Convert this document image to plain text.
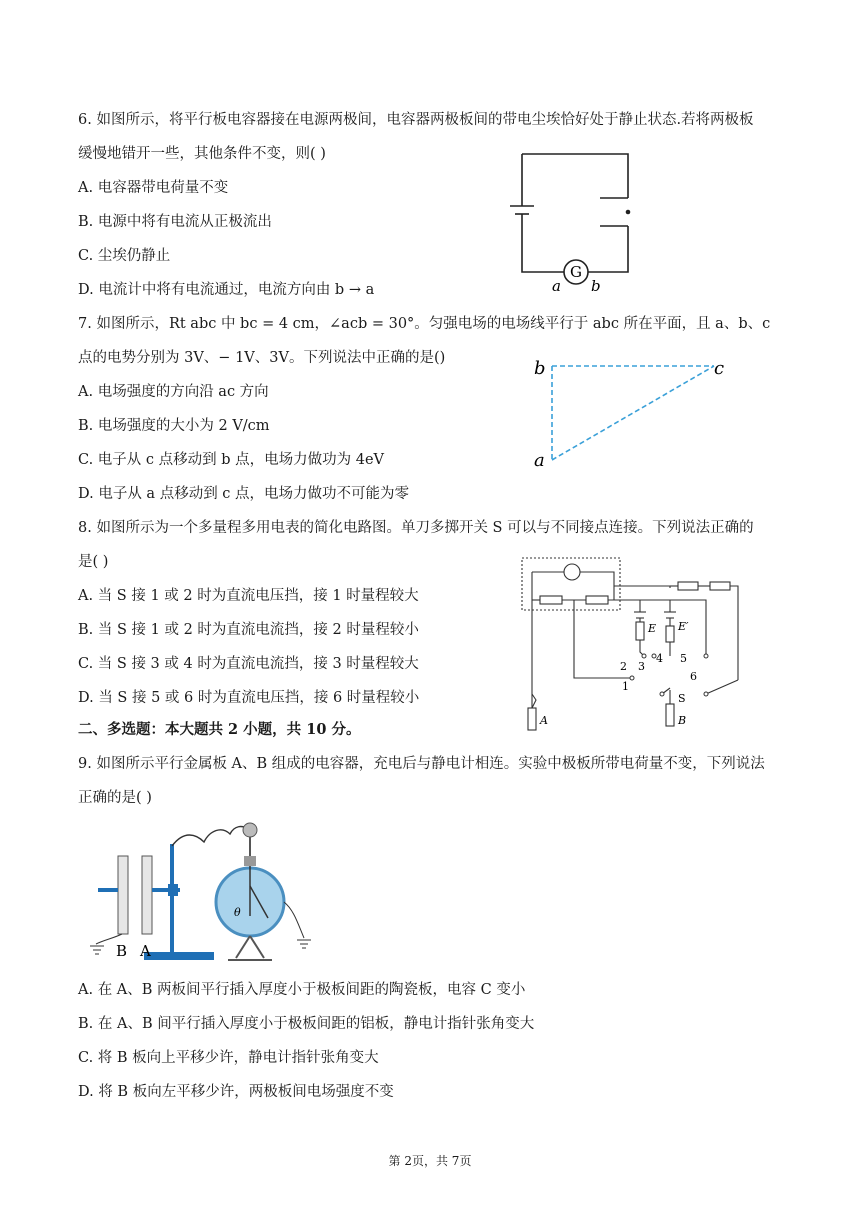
6. 如图所示，将平行板电容器接在电源两极间，电容器两极板间的带电尘埃恰好处于静止状态.若将两极板
缓慢地错开一些，其他条件不变，则( )
A. 电容器带电荷量不变
B. 电源中将有电流从正极流出
C. 尘埃仍静止
D. 电流计中将有电流通过，电流方向由 b → a
G
a b
7. 如图所示，Rt abc 中 bc = 4 cm，∠acb = 30°。匀强电场的电场线平行于 abc 所在平面，且 a、b、c
点的电势分别为 3V、− 1V、3V。下列说法中正确的是()
A. 电场强度的方向沿 ac 方向
B. 电场强度的大小为 2 V/cm
C. 电子从 c 点移动到 b 点，电场力做功为 4eV
D. 电子从 a 点移动到 c 点，电场力做功不可能为零
b	c
a
8. 如图所示为一个多量程多用电表的简化电路图。单刀多掷开关 S 可以与不同接点连接。下列说法正确的
是( )
A. 当 S 接 1 或 2 时为直流电压挡，接 1 时量程较大
B. 当 S 接 1 或 2 时为直流电流挡，接 2 时量程较小
C. 当 S 接 3 或 4 时为直流电流挡，接 3 时量程较大
D. 当 S 接 5 或 6 时为直流电压挡，接 6 时量程较小
E E′
1
2 3
4 5
6
S
A	B
二、多选题：本大题共 2 小题，共 10 分。
9. 如图所示平行金属板 A、B 组成的电容器，充电后与静电计相连。实验中极板所带电荷量不变，下列说法
正确的是( )
θ
B A
A. 在 A、B 两板间平行插入厚度小于极板间距的陶瓷板，电容 C 变小
B. 在 A、B 间平行插入厚度小于极板间距的铝板，静电计指针张角变大
C. 将 B 板向上平移少许，静电计指针张角变大
D. 将 B 板向左平移少许，两极板间电场强度不变
第 2页，共 7页
